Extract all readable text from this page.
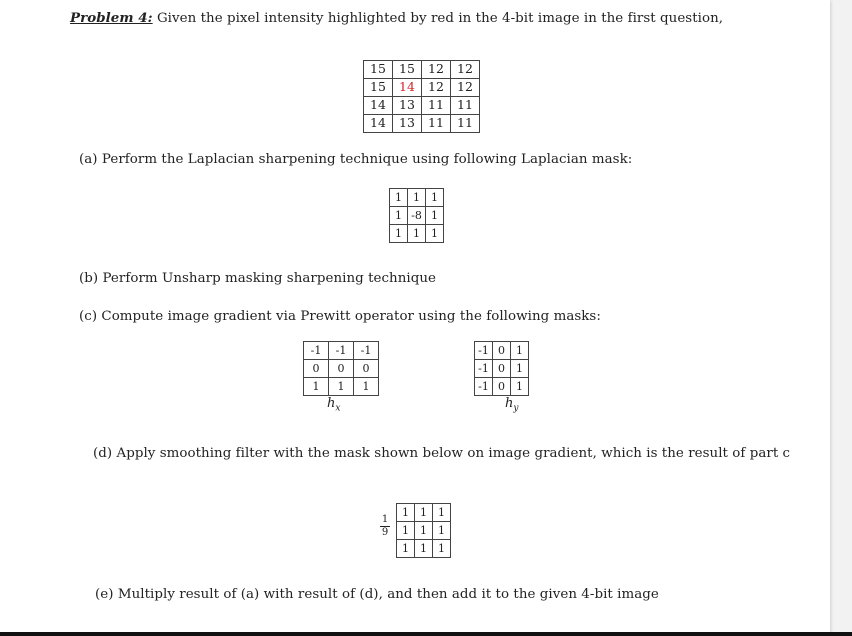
Problem 4: Given the pixel intensity highlighted by red in the 4-bit image in the first question,
15	15	12	12
15	14	12	12
14	13	11	11
14	13	11	11
(a) Perform the Laplacian sharpening technique using following Laplacian mask:
1	1	1
1	-8	1
1	1	1
(b) Perform Unsharp masking sharpening technique
(c) Compute image gradient via Prewitt operator using the following masks:
-1	-1	-1
0	0	0
1	1	1
$h_x$
-1	0	1
-1	0	1
-1	0	1
$h_y$
(d) Apply smoothing filter with the mask shown below on image gradient, which is the result of part c
1
9
1	1	1
1	1	1
1	1	1
(e) Multiply result of (a) with result of (d), and then add it to the given 4-bit image
